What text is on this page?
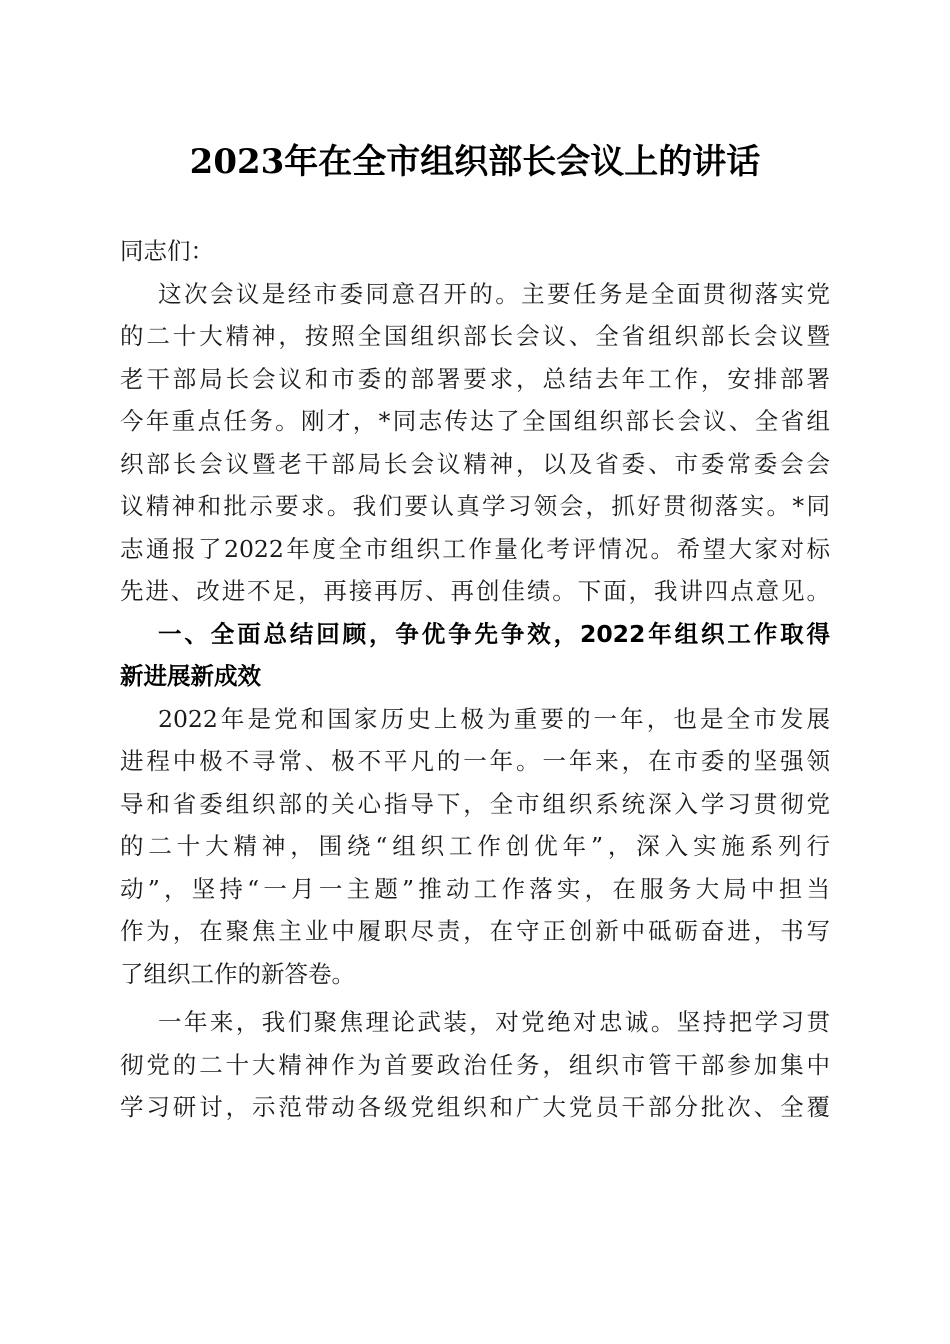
2023年在全市组织部长会议上的讲话
同志们：
这次会议是经市委同意召开的。主要任务是全面贯彻落实党
的二十大精神，按照全国组织部长会议、全省组织部长会议暨
老干部局长会议和市委的部署要求，总结去年工作，安排部署
今年重点任务。刚才，*同志传达了全国组织部长会议、全省组
织部长会议暨老干部局长会议精神，以及省委、市委常委会会
议精神和批示要求。我们要认真学习领会，抓好贯彻落实。*同
志通报了2022年度全市组织工作量化考评情况。希望大家对标
先进、改进不足，再接再厉、再创佳绩。下面，我讲四点意见。
一、全面总结回顾，争优争先争效，2022年组织工作取得
新进展新成效
2022年是党和国家历史上极为重要的一年，也是全市发展
进程中极不寻常、极不平凡的一年。一年来，在市委的坚强领
导和省委组织部的关心指导下，全市组织系统深入学习贯彻党
的二十大精神，围绕“组织工作创优年”，深入实施系列行
动”，坚持“一月一主题”推动工作落实，在服务大局中担当
作为，在聚焦主业中履职尽责，在守正创新中砥砺奋进，书写
了组织工作的新答卷。
一年来，我们聚焦理论武装，对党绝对忠诚。坚持把学习贯
彻党的二十大精神作为首要政治任务，组织市管干部参加集中
学习研讨，示范带动各级党组织和广大党员干部分批次、全覆
